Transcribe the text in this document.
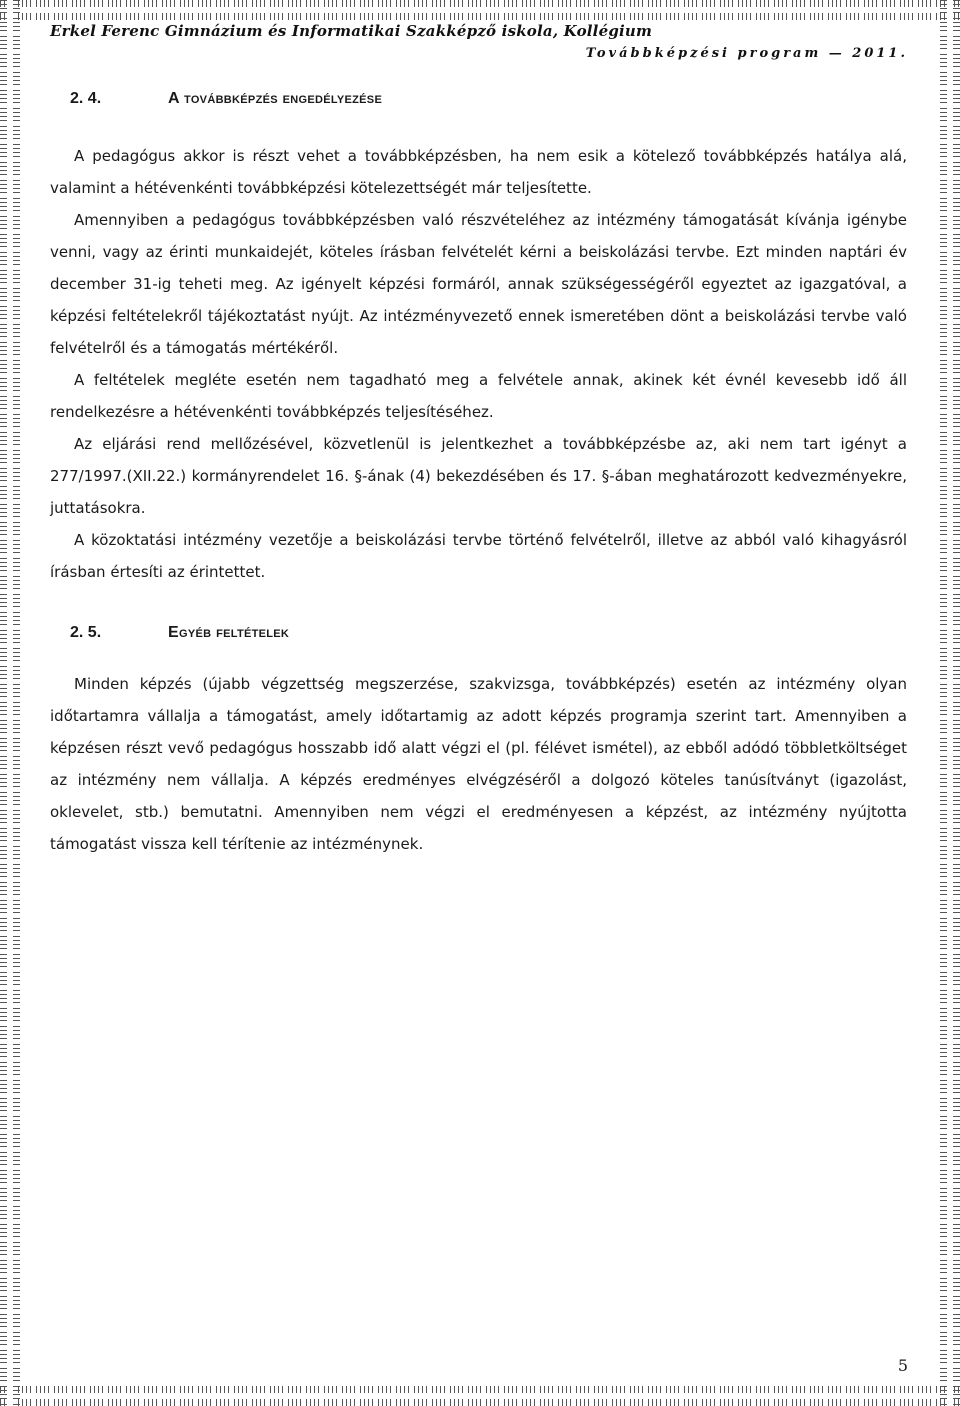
Erkel Ferenc Gimnázium és Informatikai Szakképző iskola, Kollégium
Továbbképzési program — 2011.
2. 4.	A továbbképzés engedélyezése

A pedagógus akkor is részt vehet a továbbképzésben, ha nem esik a kötelező továbbképzés hatálya alá, valamint a hétévenkénti továbbképzési kötelezettségét már teljesítette.

Amennyiben a pedagógus továbbképzésben való részvételéhez az intézmény támogatását kívánja igénybe venni, vagy az érinti munkaidejét, köteles írásban felvételét kérni a beiskolázási tervbe. Ezt minden naptári év december 31-ig teheti meg. Az igényelt képzési formáról, annak szükségességéről egyeztet az igazgatóval, a képzési feltételekről tájékoztatást nyújt. Az intézményvezető ennek ismeretében dönt a beiskolázási tervbe való felvételről és a támogatás mértékéről.

A feltételek megléte esetén nem tagadható meg a felvétele annak, akinek két évnél kevesebb idő áll rendelkezésre a hétévenkénti továbbképzés teljesítéséhez.

Az eljárási rend mellőzésével, közvetlenül is jelentkezhet a továbbképzésbe az, aki nem tart igényt a 277/1997.(XII.22.) kormányrendelet 16. §-ának (4) bekezdésében és 17. §-ában meghatározott kedvezményekre, juttatásokra.

A közoktatási intézmény vezetője a beiskolázási tervbe történő felvételről, illetve az abból való kihagyásról írásban értesíti az érintettet.

2. 5.	Egyéb feltételek

Minden képzés (újabb végzettség megszerzése, szakvizsga, továbbképzés) esetén az intézmény olyan időtartamra vállalja a támogatást, amely időtartamig az adott képzés programja szerint tart. Amennyiben a képzésen részt vevő pedagógus hosszabb idő alatt végzi el (pl. félévet ismétel), az ebből adódó többletköltséget az intézmény nem vállalja. A képzés eredményes elvégzéséről a dolgozó köteles tanúsítványt (igazolást, oklevelet, stb.) bemutatni. Amennyiben nem végzi el eredményesen a képzést, az intézmény nyújtotta támogatást vissza kell térítenie az intézménynek.

5
